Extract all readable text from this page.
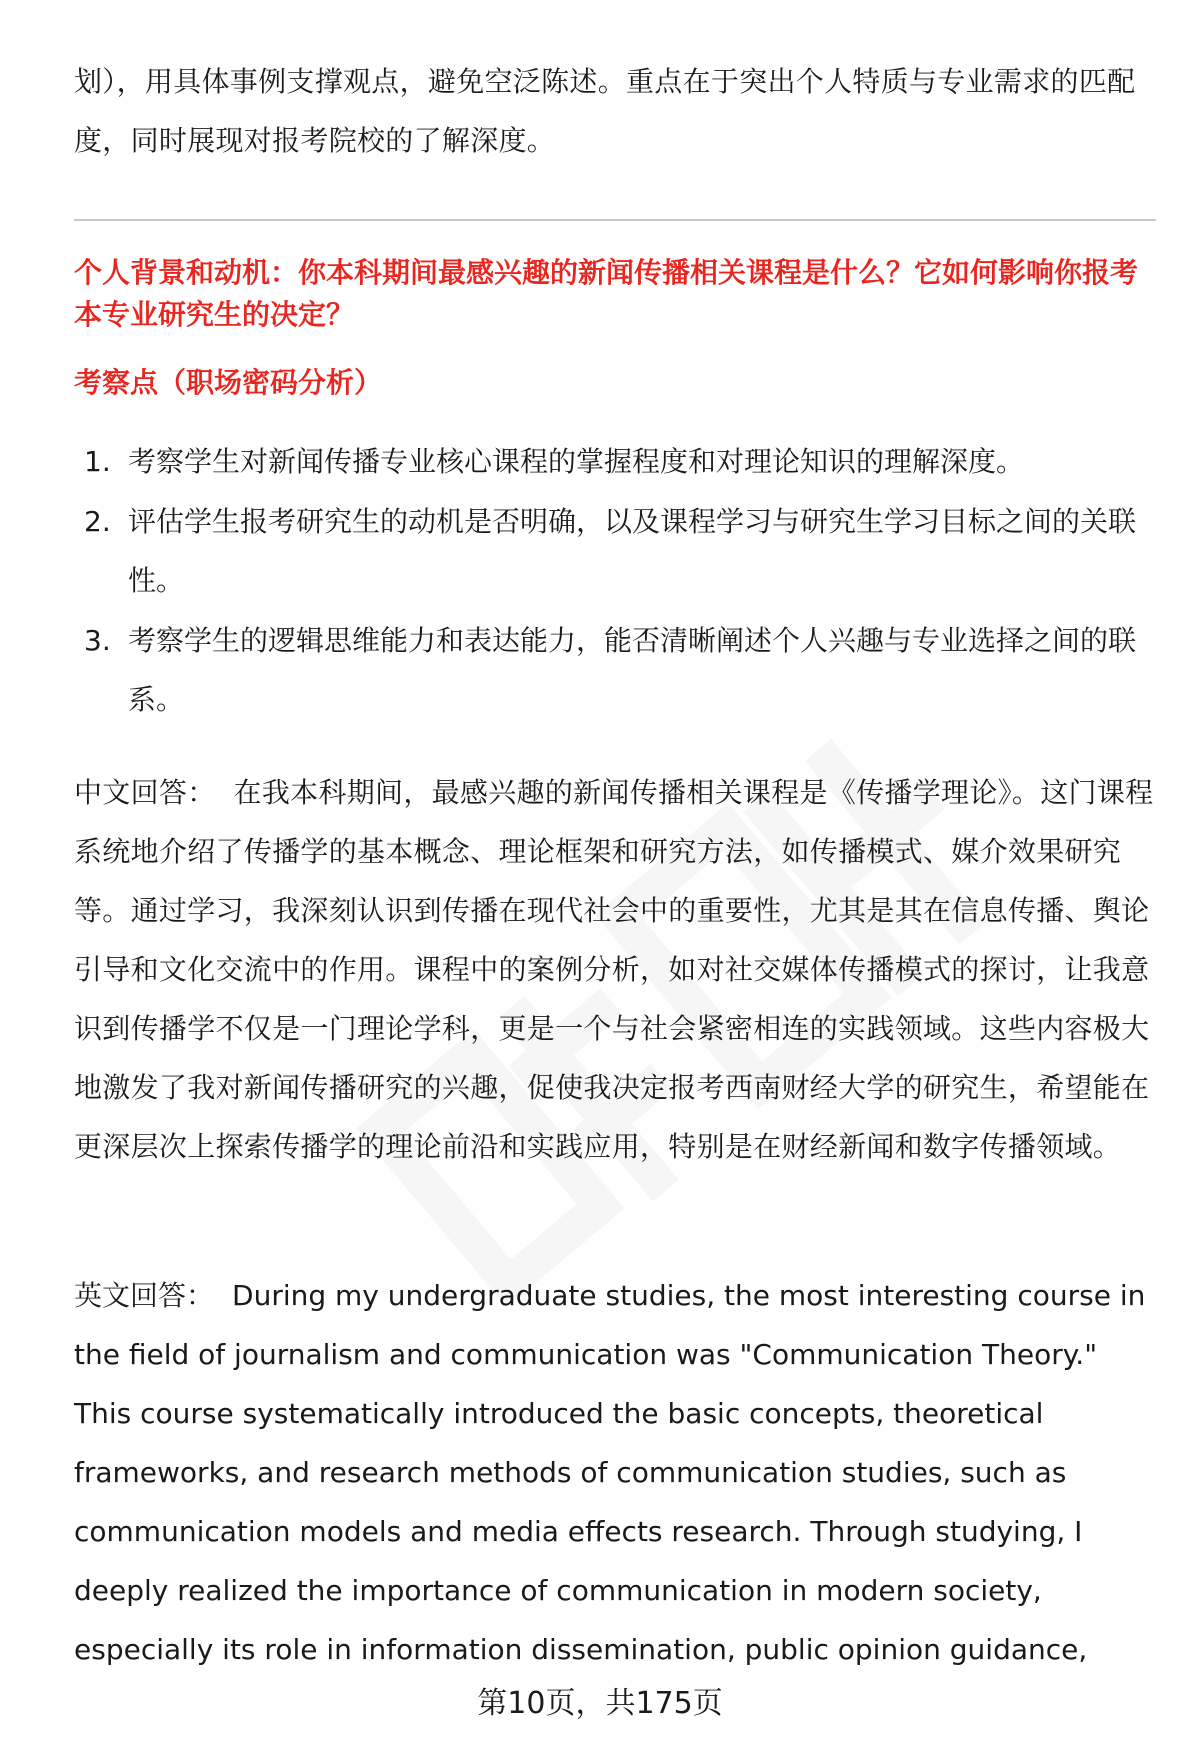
划），用具体事例支撑观点，避免空泛陈述。重点在于突出个人特质与专业需求的匹配度，同时展现对报考院校的了解深度。

个人背景和动机：你本科期间最感兴趣的新闻传播相关课程是什么？它如何影响你报考本专业研究生的决定？

考察点（职场密码分析）

1. 考察学生对新闻传播专业核心课程的掌握程度和对理论知识的理解深度。
2. 评估学生报考研究生的动机是否明确，以及课程学习与研究生学习目标之间的关联性。
3. 考察学生的逻辑思维能力和表达能力，能否清晰阐述个人兴趣与专业选择之间的联系。

中文回答： 在我本科期间，最感兴趣的新闻传播相关课程是《传播学理论》。这门课程系统地介绍了传播学的基本概念、理论框架和研究方法，如传播模式、媒介效果研究等。通过学习，我深刻认识到传播在现代社会中的重要性，尤其是其在信息传播、舆论引导和文化交流中的作用。课程中的案例分析，如对社交媒体传播模式的探讨，让我意识到传播学不仅是一门理论学科，更是一个与社会紧密相连的实践领域。这些内容极大地激发了我对新闻传播研究的兴趣，促使我决定报考西南财经大学的研究生，希望能在更深层次上探索传播学的理论前沿和实践应用，特别是在财经新闻和数字传播领域。

英文回答： During my undergraduate studies, the most interesting course in the field of journalism and communication was "Communication Theory." This course systematically introduced the basic concepts, theoretical frameworks, and research methods of communication studies, such as communication models and media effects research. Through studying, I deeply realized the importance of communication in modern society, especially its role in information dissemination, public opinion guidance,

第10页，共175页
